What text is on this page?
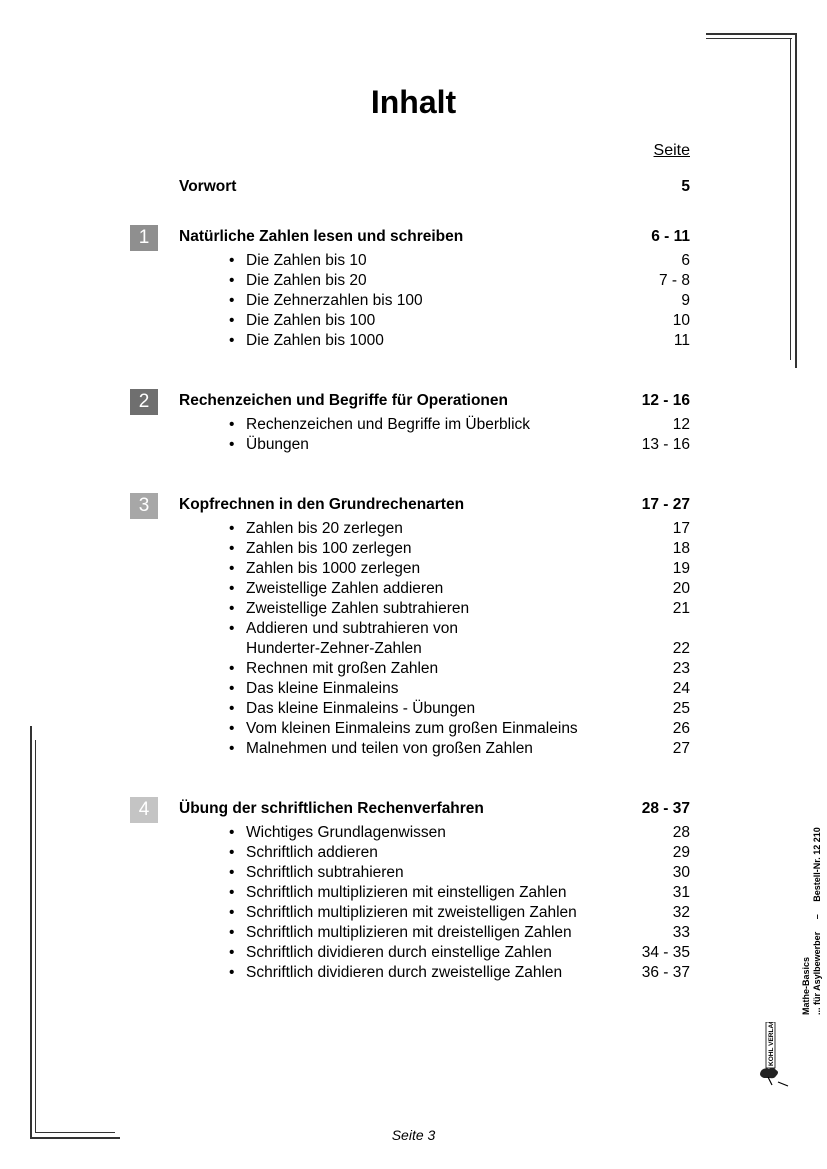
Inhalt
Seite
Vorwort	5
1	Natürliche Zahlen lesen und schreiben	6 - 11
• Die Zahlen bis 10	6
• Die Zahlen bis 20	7 - 8
• Die Zehnerzahlen bis 100	9
• Die Zahlen bis 100	10
• Die Zahlen bis 1000	11
2	Rechenzeichen und Begriffe für Operationen	12 - 16
• Rechenzeichen und Begriffe im Überblick	12
• Übungen	13 - 16
3	Kopfrechnen in den Grundrechenarten	17 - 27
• Zahlen bis 20 zerlegen	17
• Zahlen bis 100 zerlegen	18
• Zahlen bis 1000 zerlegen	19
• Zweistellige Zahlen addieren	20
• Zweistellige Zahlen subtrahieren	21
• Addieren und subtrahieren von
Hunderter-Zehner-Zahlen	22
• Rechnen mit großen Zahlen	23
• Das kleine Einmaleins	24
• Das kleine Einmaleins - Übungen	25
• Vom kleinen Einmaleins zum großen Einmaleins	26
• Malnehmen und teilen von großen Zahlen	27
4	Übung der schriftlichen Rechenverfahren	28 - 37
• Wichtiges Grundlagenwissen	28
• Schriftlich addieren	29
• Schriftlich subtrahieren	30
• Schriftlich multiplizieren mit einstelligen Zahlen	31
• Schriftlich multiplizieren mit zweistelligen Zahlen	32
• Schriftlich multiplizieren mit dreistelligen Zahlen	33
• Schriftlich dividieren durch einstellige Zahlen	34 - 35
• Schriftlich dividieren durch zweistellige Zahlen	36 - 37
Seite 3
Mathe-Basics ... für Asylbewerber     –     Bestell-Nr. 12 210
KOHL VERLAG
